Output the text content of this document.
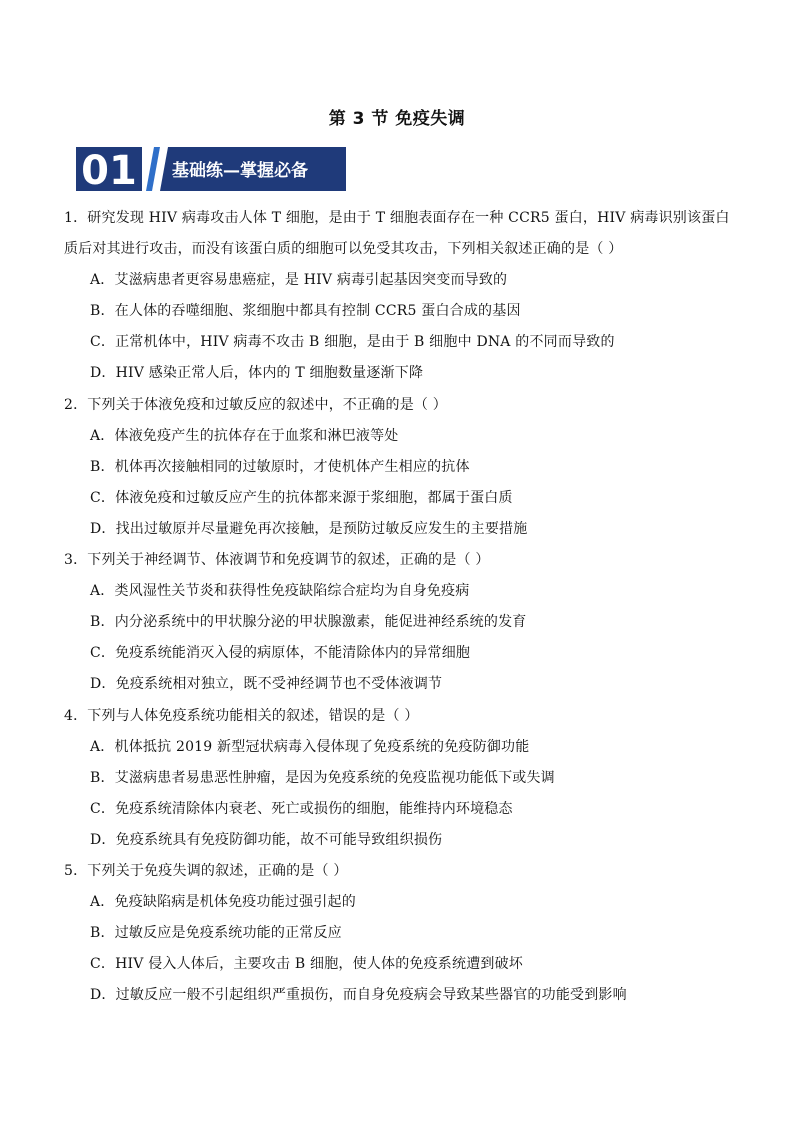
第 3 节 免疫失调
01 基础练—掌握必备
1．研究发现 HIV 病毒攻击人体 T 细胞，是由于 T 细胞表面存在一种 CCR5 蛋白，HIV 病毒识别该蛋白质后对其进行攻击，而没有该蛋白质的细胞可以免受其攻击，下列相关叙述正确的是（ ）
A．艾滋病患者更容易患癌症，是 HIV 病毒引起基因突变而导致的
B．在人体的吞噬细胞、浆细胞中都具有控制 CCR5 蛋白合成的基因
C．正常机体中，HIV 病毒不攻击 B 细胞，是由于 B 细胞中 DNA 的不同而导致的
D．HIV 感染正常人后，体内的 T 细胞数量逐渐下降
2．下列关于体液免疫和过敏反应的叙述中，不正确的是（ ）
A．体液免疫产生的抗体存在于血浆和淋巴液等处
B．机体再次接触相同的过敏原时，才使机体产生相应的抗体
C．体液免疫和过敏反应产生的抗体都来源于浆细胞，都属于蛋白质
D．找出过敏原并尽量避免再次接触，是预防过敏反应发生的主要措施
3．下列关于神经调节、体液调节和免疫调节的叙述，正确的是（ ）
A．类风湿性关节炎和获得性免疫缺陷综合症均为自身免疫病
B．内分泌系统中的甲状腺分泌的甲状腺激素，能促进神经系统的发育
C．免疫系统能消灭入侵的病原体，不能清除体内的异常细胞
D．免疫系统相对独立，既不受神经调节也不受体液调节
4．下列与人体免疫系统功能相关的叙述，错误的是（ ）
A．机体抵抗 2019 新型冠状病毒入侵体现了免疫系统的免疫防御功能
B．艾滋病患者易患恶性肿瘤，是因为免疫系统的免疫监视功能低下或失调
C．免疫系统清除体内衰老、死亡或损伤的细胞，能维持内环境稳态
D．免疫系统具有免疫防御功能，故不可能导致组织损伤
5．下列关于免疫失调的叙述，正确的是（ ）
A．免疫缺陷病是机体免疫功能过强引起的
B．过敏反应是免疫系统功能的正常反应
C．HIV 侵入人体后，主要攻击 B 细胞，使人体的免疫系统遭到破坏
D．过敏反应一般不引起组织严重损伤，而自身免疫病会导致某些器官的功能受到影响
